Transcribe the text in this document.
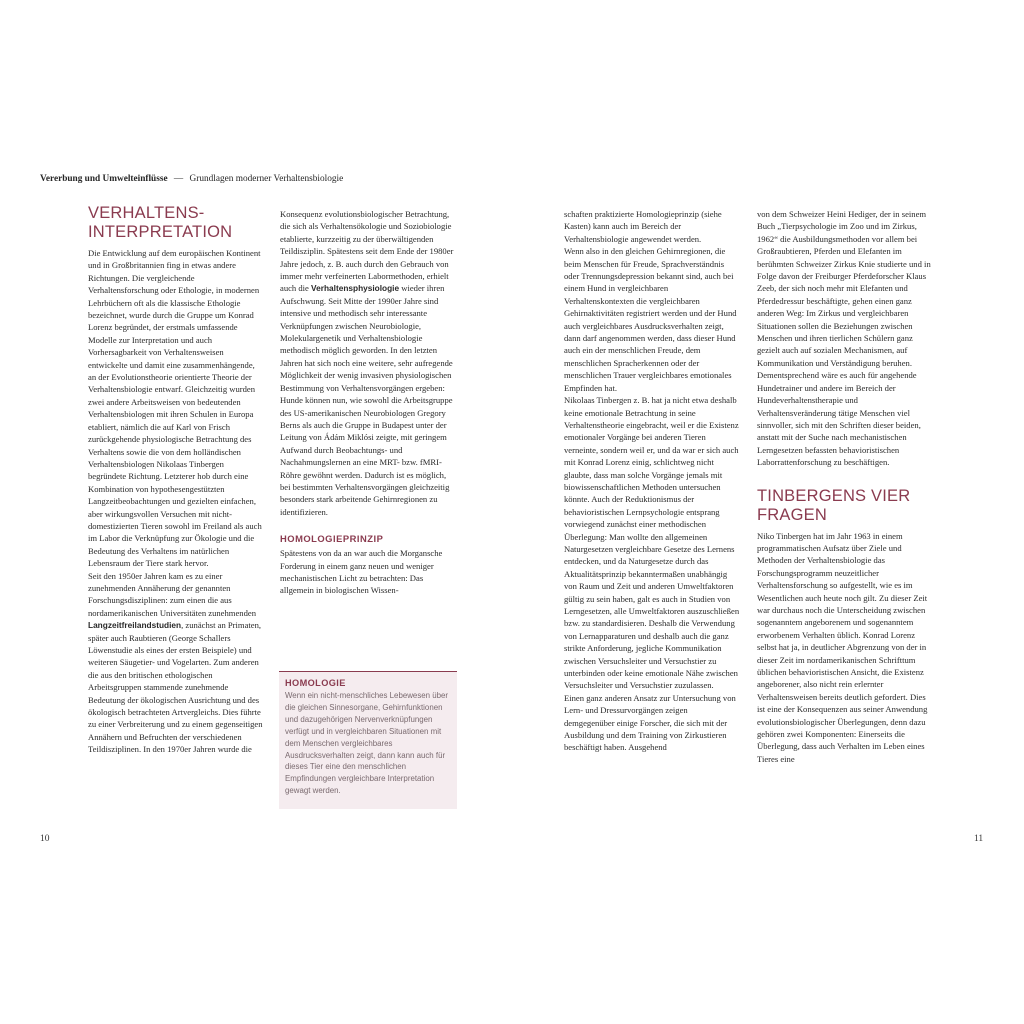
Vererbung und Umwelteinflüsse — Grundlagen moderner Verhaltensbiologie
VERHALTENS-
INTERPRETATION

Die Entwicklung auf dem europäischen Kontinent und in Großbritannien fing in etwas andere Richtungen. Die vergleichende Verhaltensforschung oder Ethologie, in modernen Lehrbüchern oft als die klassische Ethologie bezeichnet, wurde durch die Gruppe um Konrad Lorenz begründet, der erstmals umfassende Modelle zur Interpretation und auch Vorhersagbarkeit von Verhaltensweisen entwickelte und damit eine zusammenhängende, an der Evolutionstheorie orientierte Theorie der Verhaltensbiologie entwarf. Gleichzeitig wurden zwei andere Arbeitsweisen von bedeutenden Verhaltensbiologen mit ihren Schulen in Europa etabliert, nämlich die auf Karl von Frisch zurückgehende physiologische Betrachtung des Verhaltens sowie die von dem holländischen Verhaltensbiologen Nikolaas Tinbergen begründete Richtung. Letzterer hob durch eine Kombination von hypothesengestützten Langzeitbeobachtungen und gezielten einfachen, aber wirkungsvollen Versuchen mit nicht-domestizierten Tieren sowohl im Freiland als auch im Labor die Verknüpfung zur Ökologie und die Bedeutung des Verhaltens im natürlichen Lebensraum der Tiere stark hervor.

Seit den 1950er Jahren kam es zu einer zunehmenden Annäherung der genannten Forschungsdisziplinen: zum einen die aus nordamerikanischen Universitäten zunehmenden Langzeitfreilandstudien, zunächst an Primaten, später auch Raubtieren (George Schallers Löwenstudie als eines der ersten Beispiele) und weiteren Säugetier- und Vogelarten. Zum anderen die aus den britischen ethologischen Arbeitsgruppen stammende zunehmende Bedeutung der ökologischen Ausrichtung und des ökologisch betrachteten Artvergleichs. Dies führte zu einer Verbreiterung und zu einem gegenseitigen Annähern und Befruchten der verschiedenen Teildisziplinen. In den 1970er Jahren wurde die

Konsequenz evolutionsbiologischer Betrachtung, die sich als Verhaltensökologie und Soziobiologie etablierte, kurzzeitig zu der überwältigenden Teildisziplin. Spätestens seit dem Ende der 1980er Jahre jedoch, z. B. auch durch den Gebrauch von immer mehr verfeinerten Labormethoden, erhielt auch die Verhaltensphysiologie wieder ihren Aufschwung. Seit Mitte der 1990er Jahre sind intensive und methodisch sehr interessante Verknüpfungen zwischen Neurobiologie, Molekulargenetik und Verhaltensbiologie methodisch möglich geworden. In den letzten Jahren hat sich noch eine weitere, sehr aufregende Möglichkeit der wenig invasiven physiologischen Bestimmung von Verhaltensvorgängen ergeben: Hunde können nun, wie sowohl die Arbeitsgruppe des US-amerikanischen Neurobiologen Gregory Berns als auch die Gruppe in Budapest unter der Leitung von Ádám Miklósi zeigte, mit geringem Aufwand durch Beobachtungs- und Nachahmungslernen an eine MRT- bzw. fMRI-Röhre gewöhnt werden. Dadurch ist es möglich, bei bestimmten Verhaltensvorgängen gleichzeitig besonders stark arbeitende Gehirnregionen zu identifizieren.

HOMOLOGIEPRINZIP

Spätestens von da an war auch die Morgansche Forderung in einem ganz neuen und weniger mechanistischen Licht zu betrachten: Das allgemein in biologischen Wissen-

HOMOLOGIE
Wenn ein nicht-menschliches Lebewesen über die gleichen Sinnesorgane, Gehirnfunktionen und dazugehörigen Nervenverknüpfungen verfügt und in vergleichbaren Situationen mit dem Menschen vergleichbares Ausdrucksverhalten zeigt, dann kann auch für dieses Tier eine den menschlichen Empfindungen vergleichbare Interpretation gewagt werden.

schaften praktizierte Homologieprinzip (siehe Kasten) kann auch im Bereich der Verhaltensbiologie angewendet werden.

Wenn also in den gleichen Gehirnregionen, die beim Menschen für Freude, Sprachverständnis oder Trennungsdepression bekannt sind, auch bei einem Hund in vergleichbaren Verhaltenskontexten die vergleichbaren Gehirnaktivitäten registriert werden und der Hund auch vergleichbares Ausdrucksverhalten zeigt, dann darf angenommen werden, dass dieser Hund auch ein der menschlichen Freude, dem menschlichen Spracherkennen oder der menschlichen Trauer vergleichbares emotionales Empfinden hat.

Nikolaas Tinbergen z. B. hat ja nicht etwa deshalb keine emotionale Betrachtung in seine Verhaltenstheorie eingebracht, weil er die Existenz emotionaler Vorgänge bei anderen Tieren verneinte, sondern weil er, und da war er sich auch mit Konrad Lorenz einig, schlichtweg nicht glaubte, dass man solche Vorgänge jemals mit biowissenschaftlichen Methoden untersuchen könnte. Auch der Reduktionismus der behavioristischen Lernpsychologie entsprang vorwiegend zunächst einer methodischen Überlegung: Man wollte den allgemeinen Naturgesetzen vergleichbare Gesetze des Lernens entdecken, und da Naturgesetze durch das Aktualitätsprinzip bekanntermaßen unabhängig von Raum und Zeit und anderen Umweltfaktoren gültig zu sein haben, galt es auch in Studien von Lerngesetzen, alle Umweltfaktoren auszuschließen bzw. zu standardisieren. Deshalb die Verwendung von Lernapparaturen und deshalb auch die ganz strikte Anforderung, jegliche Kommunikation zwischen Versuchsleiter und Versuchstier zu unterbinden oder keine emotionale Nähe zwischen Versuchsleiter und Versuchstier zuzulassen.

Einen ganz anderen Ansatz zur Untersuchung von Lern- und Dressurvorgängen zeigen demgegenüber einige Forscher, die sich mit der Ausbildung und dem Training von Zirkustieren beschäftigt haben. Ausgehend

von dem Schweizer Heini Hediger, der in seinem Buch „Tierpsychologie im Zoo und im Zirkus, 1962“ die Ausbildungsmethoden vor allem bei Großraubtieren, Pferden und Elefanten im berühmten Schweizer Zirkus Knie studierte und in Folge davon der Freiburger Pferdeforscher Klaus Zeeb, der sich noch mehr mit Elefanten und Pferdedressur beschäftigte, gehen einen ganz anderen Weg: Im Zirkus und vergleichbaren Situationen sollen die Beziehungen zwischen Menschen und ihren tierlichen Schülern ganz gezielt auch auf sozialen Mechanismen, auf Kommunikation und Verständigung beruhen. Dementsprechend wäre es auch für angehende Hundetrainer und andere im Bereich der Hundeverhaltenstherapie und Verhaltensveränderung tätige Menschen viel sinnvoller, sich mit den Schriften dieser beiden, anstatt mit der Suche nach mechanistischen Lerngesetzen befassten behavioristischen Laborrattenforschung zu beschäftigen.

TINBERGENS VIER
FRAGEN

Niko Tinbergen hat im Jahr 1963 in einem programmatischen Aufsatz über Ziele und Methoden der Verhaltensbiologie das Forschungsprogramm neuzeitlicher Verhaltensforschung so aufgestellt, wie es im Wesentlichen auch heute noch gilt. Zu dieser Zeit war durchaus noch die Unterscheidung zwischen sogenanntem angeborenem und sogenanntem erworbenem Verhalten üblich. Konrad Lorenz selbst hat ja, in deutlicher Abgrenzung von der in dieser Zeit im nordamerikanischen Schrifttum üblichen behavioristischen Ansicht, die Existenz angeborener, also nicht rein erlernter Verhaltensweisen bereits deutlich gefordert. Dies ist eine der Konsequenzen aus seiner Anwendung evolutionsbiologischer Überlegungen, denn dazu gehören zwei Komponenten: Einerseits die Überlegung, dass auch Verhalten im Leben eines Tieres eine

10	11
